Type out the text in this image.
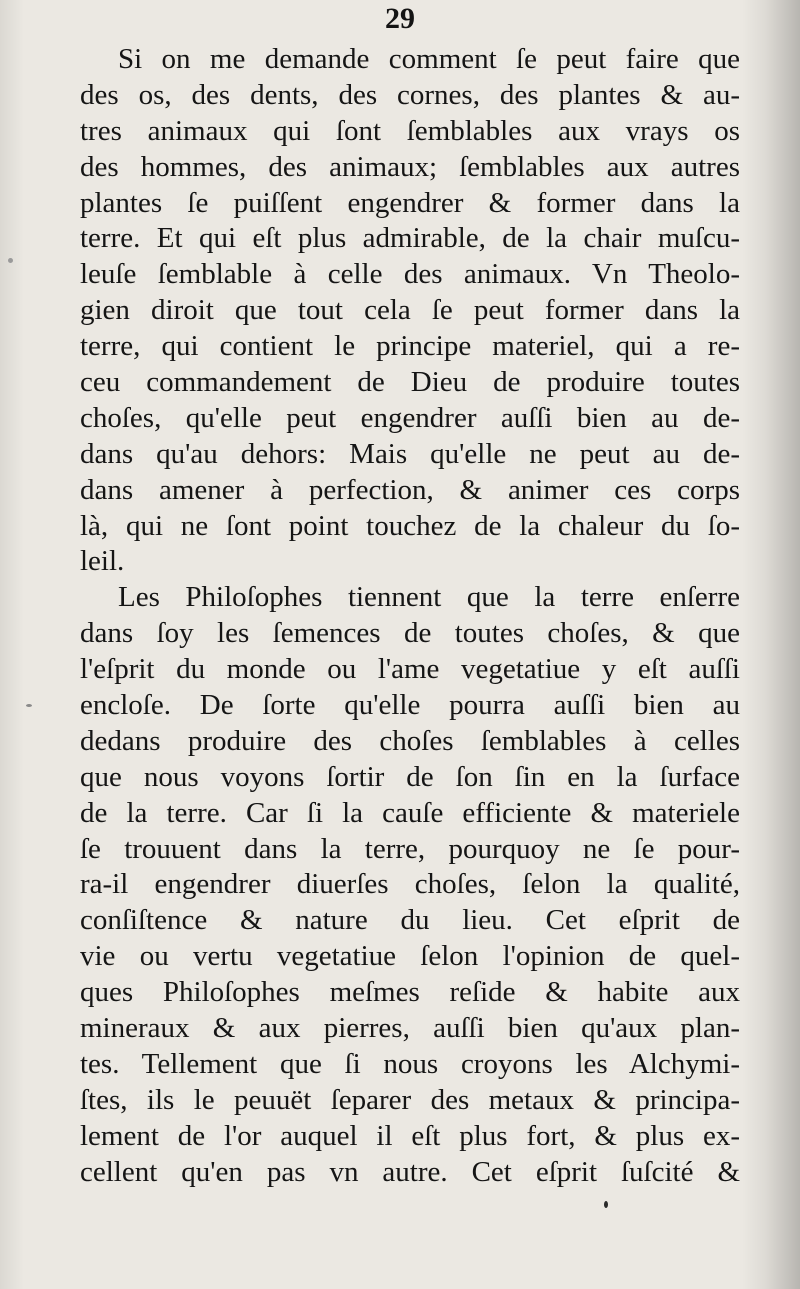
29
Si on me demande comment ſe peut faire que
des os, des dents, des cornes, des plantes & au-
tres animaux qui ſont ſemblables aux vrays os
des hommes, des animaux; ſemblables aux autres
plantes ſe puiſſent engendrer & former dans la
terre. Et qui eſt plus admirable, de la chair muſcu-
leuſe ſemblable à celle des animaux. Vn Theolo-
gien diroit que tout cela ſe peut former dans la
terre, qui contient le principe materiel, qui a re-
ceu commandement de Dieu de produire toutes
choſes, qu'elle peut engendrer auſſi bien au de-
dans qu'au dehors: Mais qu'elle ne peut au de-
dans amener à perfection, & animer ces corps
là, qui ne ſont point touchez de la chaleur du ſo-
leil.
Les Philoſophes tiennent que la terre enſerre
dans ſoy les ſemences de toutes choſes, & que
l'eſprit du monde ou l'ame vegetatiue y eſt auſſi
encloſe. De ſorte qu'elle pourra auſſi bien au
dedans produire des choſes ſemblables à celles
que nous voyons ſortir de ſon ſin en la ſurface
de la terre. Car ſi la cauſe efficiente & materiele
ſe trouuent dans la terre, pourquoy ne ſe pour-
ra-il engendrer diuerſes choſes, ſelon la qualité,
conſiſtence & nature du lieu. Cet eſprit de
vie ou vertu vegetatiue ſelon l'opinion de quel-
ques Philoſophes meſmes reſide & habite aux
mineraux & aux pierres, auſſi bien qu'aux plan-
tes. Tellement que ſi nous croyons les Alchymi-
ſtes, ils le peuuët ſeparer des metaux & principa-
lement de l'or auquel il eſt plus fort, & plus ex-
cellent qu'en pas vn autre. Cet eſprit ſuſcité &
